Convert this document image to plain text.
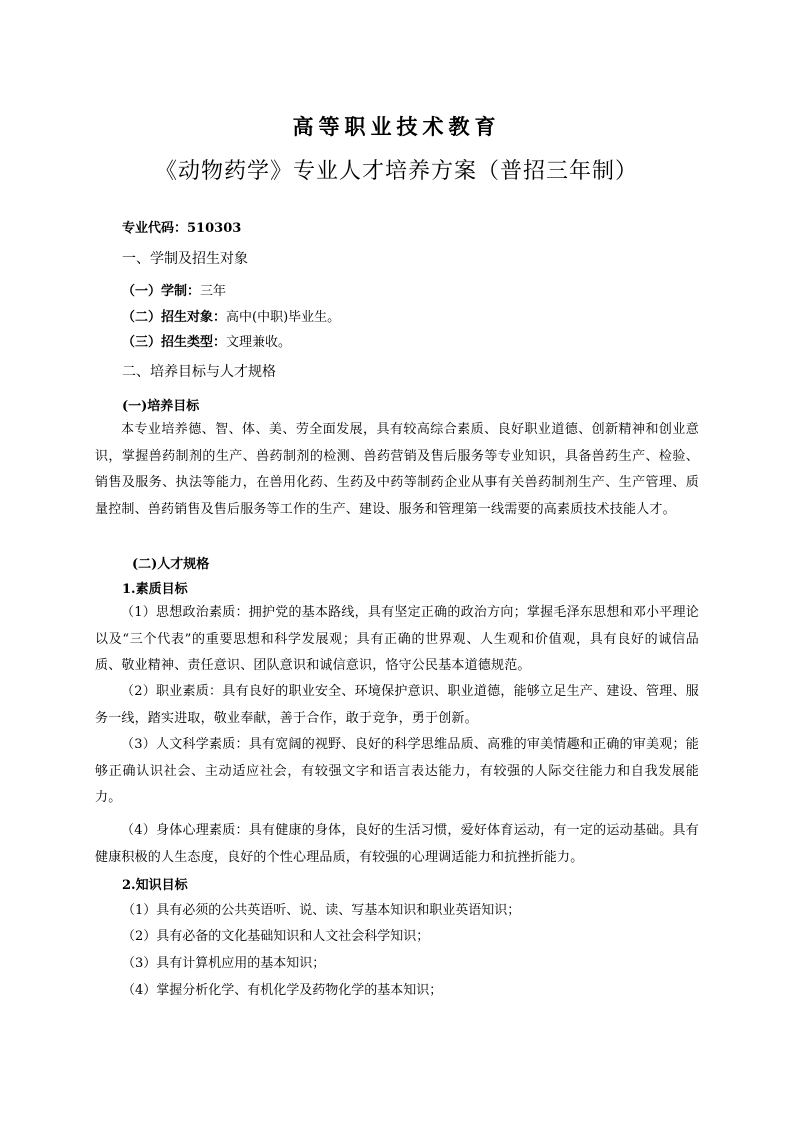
高等职业技术教育
《动物药学》专业人才培养方案（普招三年制）
专业代码：510303
一、学制及招生对象
（一）学制：三年
（二）招生对象：高中(中职)毕业生。
（三）招生类型：文理兼收。
二、培养目标与人才规格
(一)培养目标
本专业培养德、智、体、美、劳全面发展，具有较高综合素质、良好职业道德、创新精神和创业意识，掌握兽药制剂的生产、兽药制剂的检测、兽药营销及售后服务等专业知识，具备兽药生产、检验、销售及服务、执法等能力，在兽用化药、生药及中药等制药企业从事有关兽药制剂生产、生产管理、质量控制、兽药销售及售后服务等工作的生产、建设、服务和管理第一线需要的高素质技术技能人才。
(二)人才规格
1.素质目标
（1）思想政治素质：拥护党的基本路线，具有坚定正确的政治方向；掌握毛泽东思想和邓小平理论以及“三个代表”的重要思想和科学发展观；具有正确的世界观、人生观和价值观，具有良好的诚信品质、敬业精神、责任意识、团队意识和诚信意识，恪守公民基本道德规范。
（2）职业素质：具有良好的职业安全、环境保护意识、职业道德，能够立足生产、建设、管理、服务一线，踏实进取，敬业奉献，善于合作，敢于竞争，勇于创新。
（3）人文科学素质：具有宽阔的视野、良好的科学思维品质、高雅的审美情趣和正确的审美观；能够正确认识社会、主动适应社会，有较强文字和语言表达能力，有较强的人际交往能力和自我发展能力。
（4）身体心理素质：具有健康的身体，良好的生活习惯，爱好体育运动，有一定的运动基础。具有健康积极的人生态度，良好的个性心理品质，有较强的心理调适能力和抗挫折能力。
2.知识目标
（1）具有必须的公共英语听、说、读、写基本知识和职业英语知识；
（2）具有必备的文化基础知识和人文社会科学知识；
（3）具有计算机应用的基本知识；
（4）掌握分析化学、有机化学及药物化学的基本知识；
